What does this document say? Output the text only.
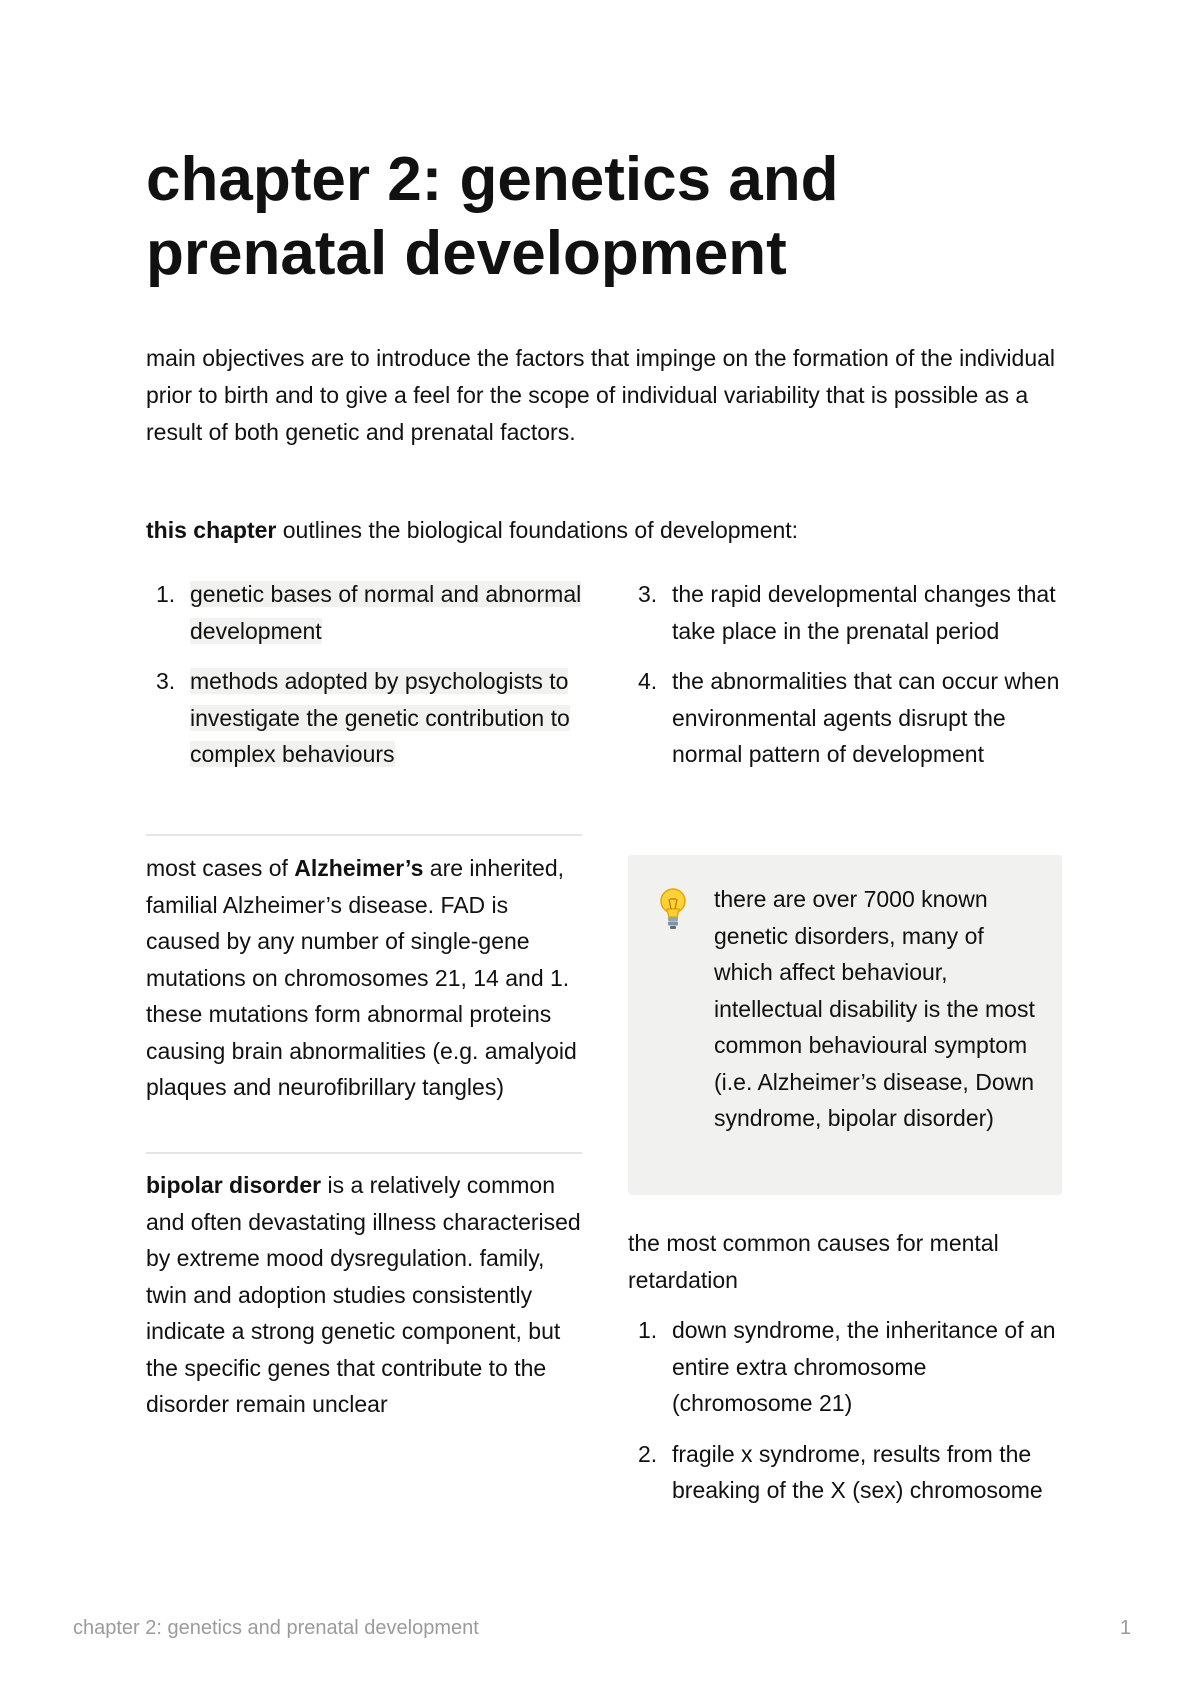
chapter 2: genetics and prenatal development

main objectives are to introduce the factors that impinge on the formation of the individual prior to birth and to give a feel for the scope of individual variability that is possible as a result of both genetic and prenatal factors.

this chapter outlines the biological foundations of development:

1. genetic bases of normal and abnormal development
3. methods adopted by psychologists to investigate the genetic contribution to complex behaviours
3. the rapid developmental changes that take place in the prenatal period
4. the abnormalities that can occur when environmental agents disrupt the normal pattern of development

most cases of Alzheimer’s are inherited, familial Alzheimer’s disease. FAD is caused by any number of single-gene mutations on chromosomes 21, 14 and 1. these mutations form abnormal proteins causing brain abnormalities (e.g. amalyoid plaques and neurofibrillary tangles)

bipolar disorder is a relatively common and often devastating illness characterised by extreme mood dysregulation. family, twin and adoption studies consistently indicate a strong genetic component, but the specific genes that contribute to the disorder remain unclear

there are over 7000 known genetic disorders, many of which affect behaviour, intellectual disability is the most common behavioural symptom (i.e. Alzheimer’s disease, Down syndrome, bipolar disorder)

the most common causes for mental retardation

1. down syndrome, the inheritance of an entire extra chromosome (chromosome 21)
2. fragile x syndrome, results from the breaking of the X (sex) chromosome
chapter 2: genetics and prenatal development	1
